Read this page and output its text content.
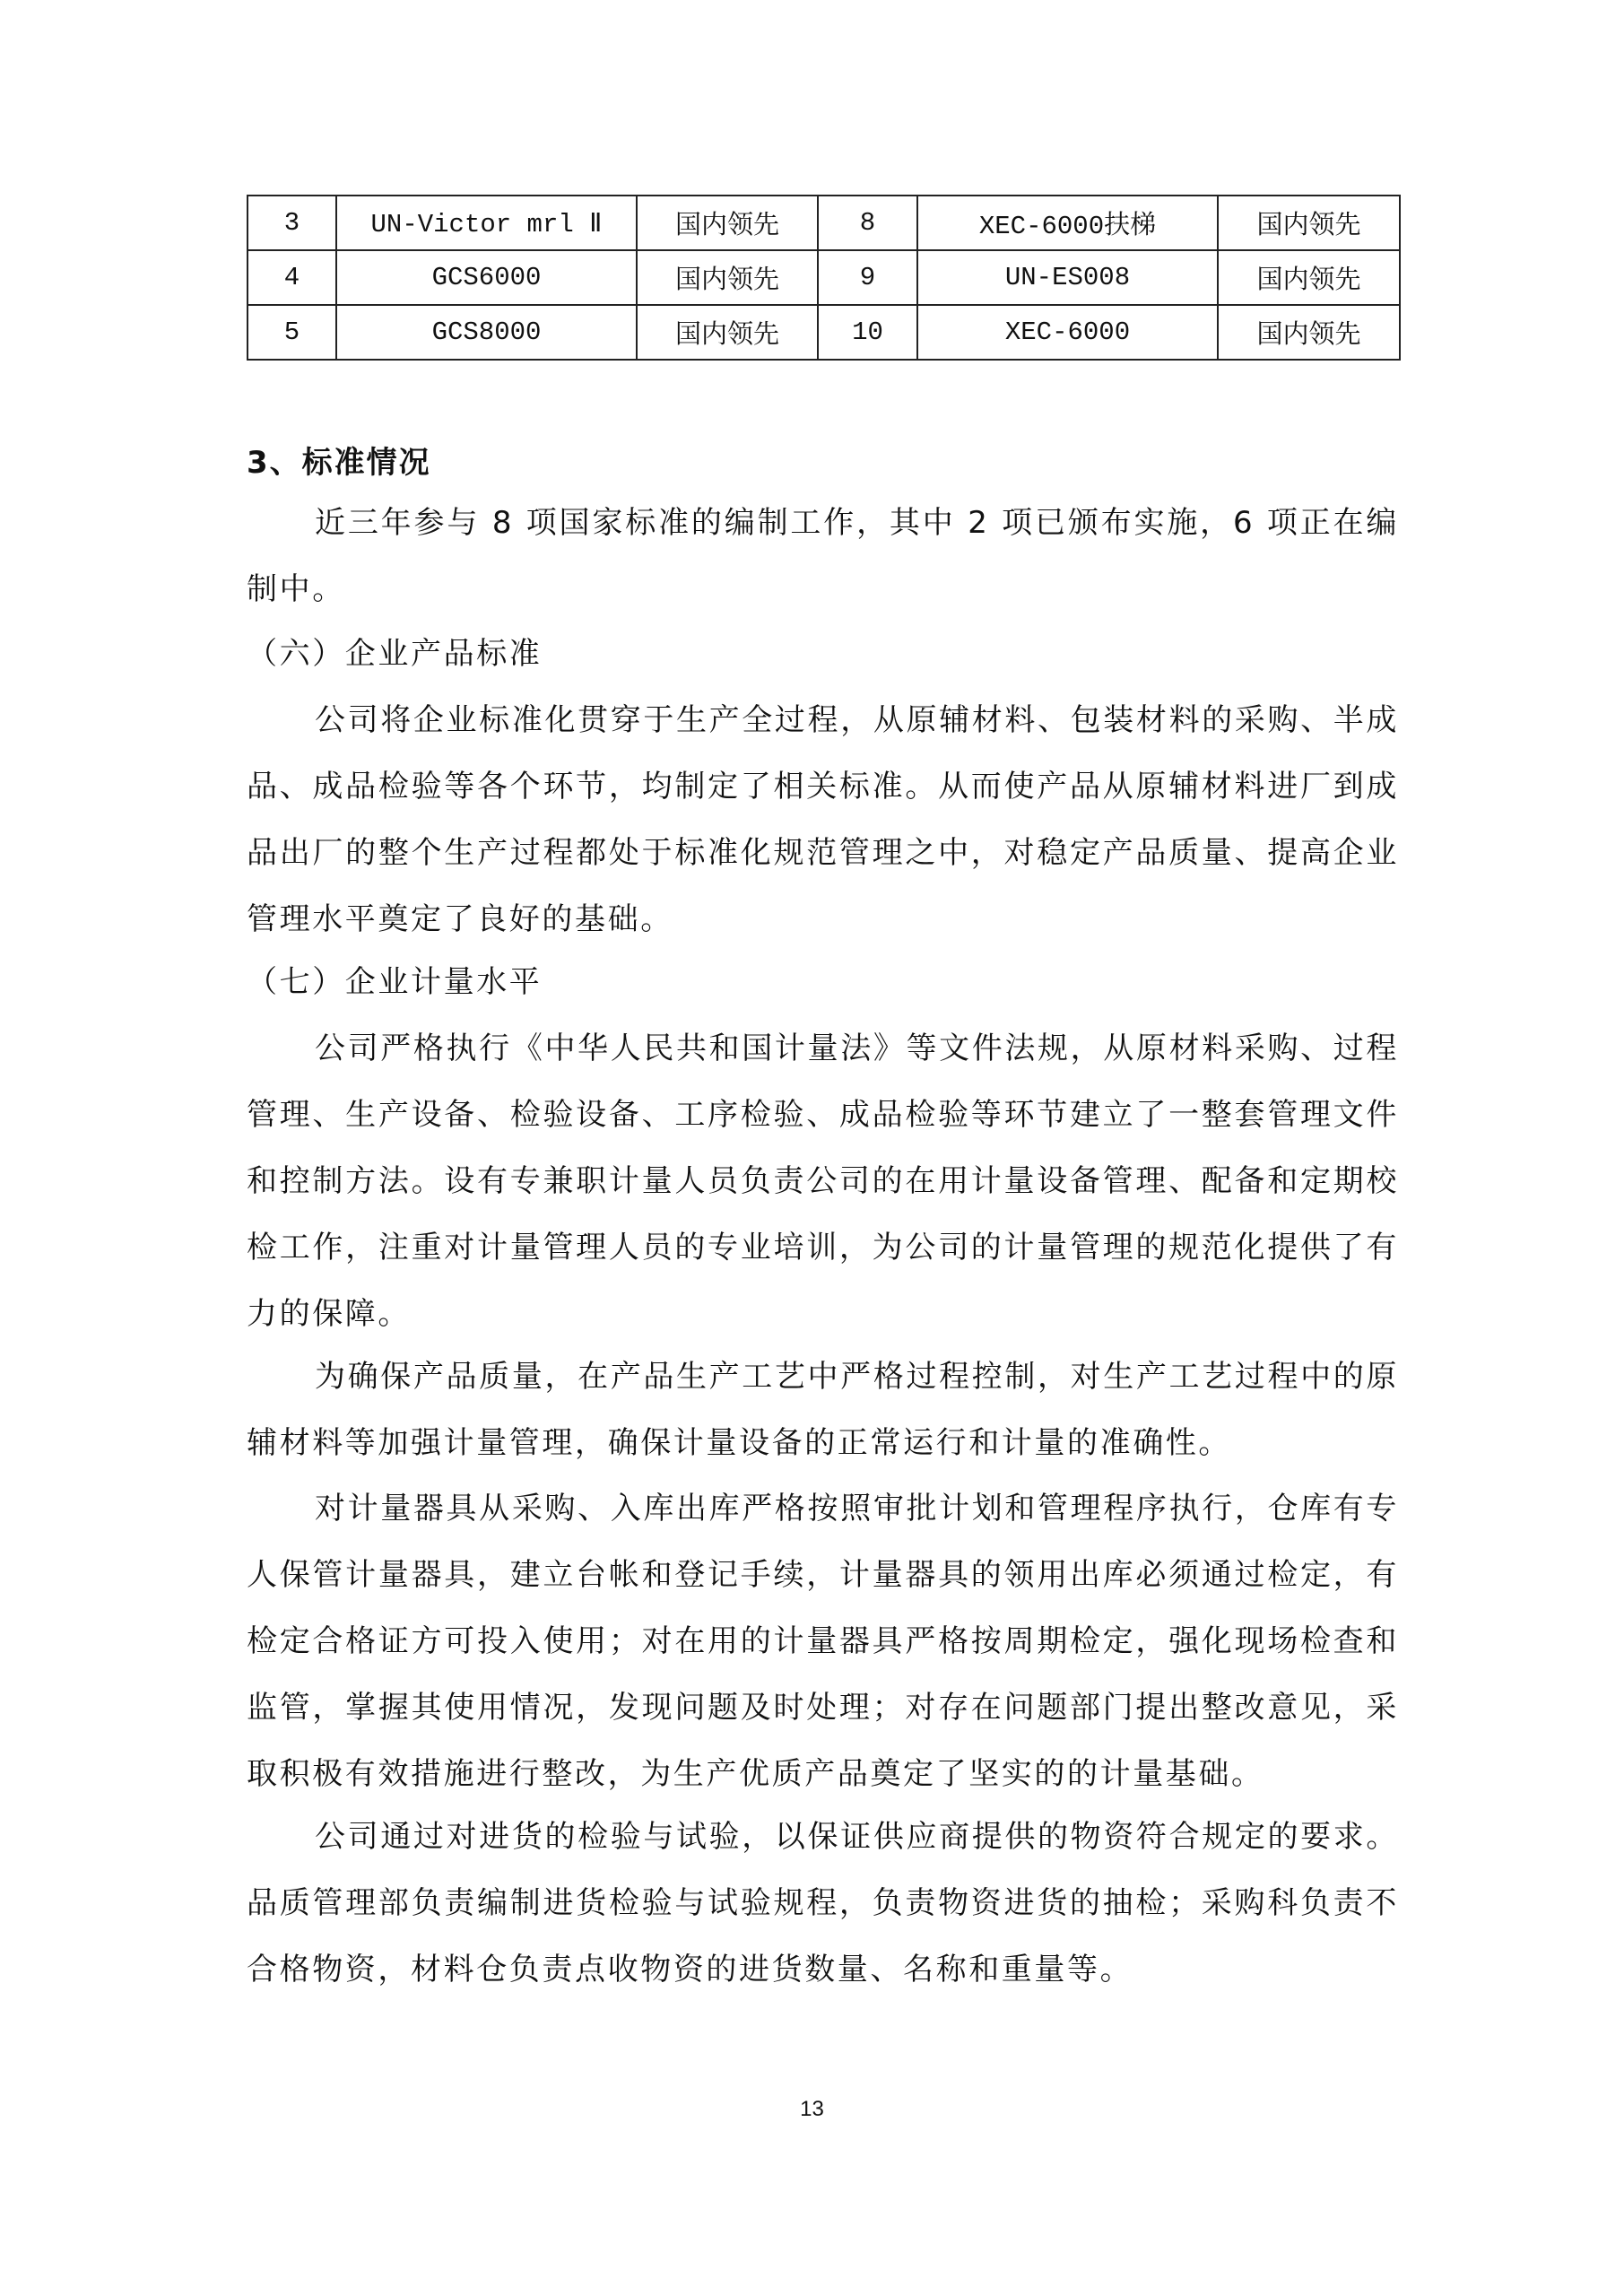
3	UN-Victor mrl Ⅱ	国内领先	8	XEC-6000扶梯	国内领先
4	GCS6000	国内领先	9	UN-ES008	国内领先
5	GCS8000	国内领先	10	XEC-6000	国内领先
3、标准情况

近三年参与 8 项国家标准的编制工作，其中 2 项已颁布实施，6 项正在编制中。

（六）企业产品标准

公司将企业标准化贯穿于生产全过程，从原辅材料、包装材料的采购、半成品、成品检验等各个环节，均制定了相关标准。从而使产品从原辅材料进厂到成品出厂的整个生产过程都处于标准化规范管理之中，对稳定产品质量、提高企业管理水平奠定了良好的基础。

（七）企业计量水平

公司严格执行《中华人民共和国计量法》等文件法规，从原材料采购、过程管理、生产设备、检验设备、工序检验、成品检验等环节建立了一整套管理文件和控制方法。设有专兼职计量人员负责公司的在用计量设备管理、配备和定期校检工作，注重对计量管理人员的专业培训，为公司的计量管理的规范化提供了有力的保障。

为确保产品质量，在产品生产工艺中严格过程控制，对生产工艺过程中的原辅材料等加强计量管理，确保计量设备的正常运行和计量的准确性。

对计量器具从采购、入库出库严格按照审批计划和管理程序执行，仓库有专人保管计量器具，建立台帐和登记手续，计量器具的领用出库必须通过检定，有检定合格证方可投入使用；对在用的计量器具严格按周期检定，强化现场检查和监管，掌握其使用情况，发现问题及时处理；对存在问题部门提出整改意见，采取积极有效措施进行整改，为生产优质产品奠定了坚实的的计量基础。

公司通过对进货的检验与试验，以保证供应商提供的物资符合规定的要求。品质管理部负责编制进货检验与试验规程，负责物资进货的抽检；采购科负责不合格物资，材料仓负责点收物资的进货数量、名称和重量等。

13
